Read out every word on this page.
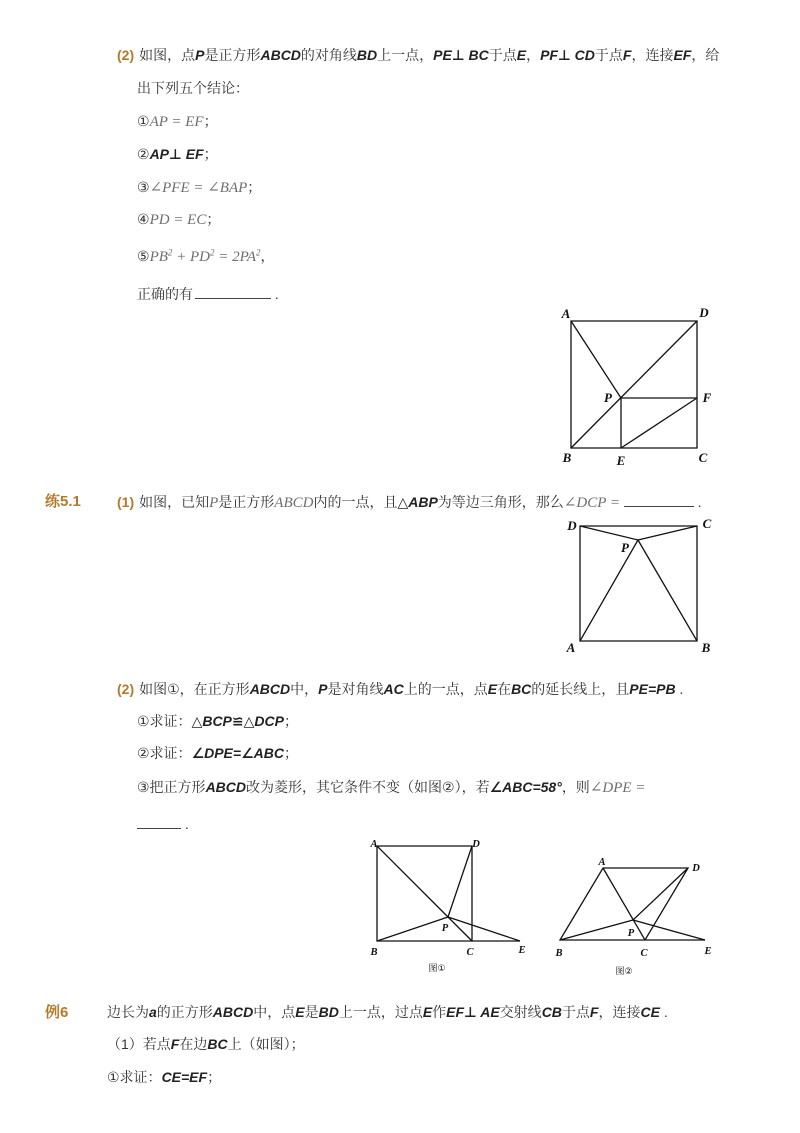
(2) 如图，点P是正方形ABCD的对角线BD上一点，PE⊥ BC于点E，PF⊥ CD于点F，连接EF，给
出下列五个结论：
①AP = EF；
②AP⊥ EF；
③∠PFE = ∠BAP；
④PD = EC；
$⑤PB^2 + PD^2 = 2PA^2$，
正确的有	.
练5.1	(1) 如图，已知P是正方形ABCD内的一点，且△ABP为等边三角形，那么∠DCP =	.
(2) 如图①，在正方形ABCD中，P是对角线AC上的一点，点E在BC的延长线上，且PE=PB .
①求证：△BCP≌△DCP；
②求证：∠DPE=∠ABC；
③把正方形ABCD改为菱形，其它条件不变（如图②），若∠ABC=58°，则∠DPE =
.
例6	边长为a的正方形ABCD中，点E是BD上一点，过点E作EF⊥ AE交射线CB于点F，连接CE .
（1）若点F在边BC上（如图）；
①求证：CE=EF；
A	D
P	F
B	E	C
D	C
P
A	B
A	D
P
B	C	E
图①
A
D
P
B	C	E
图②
